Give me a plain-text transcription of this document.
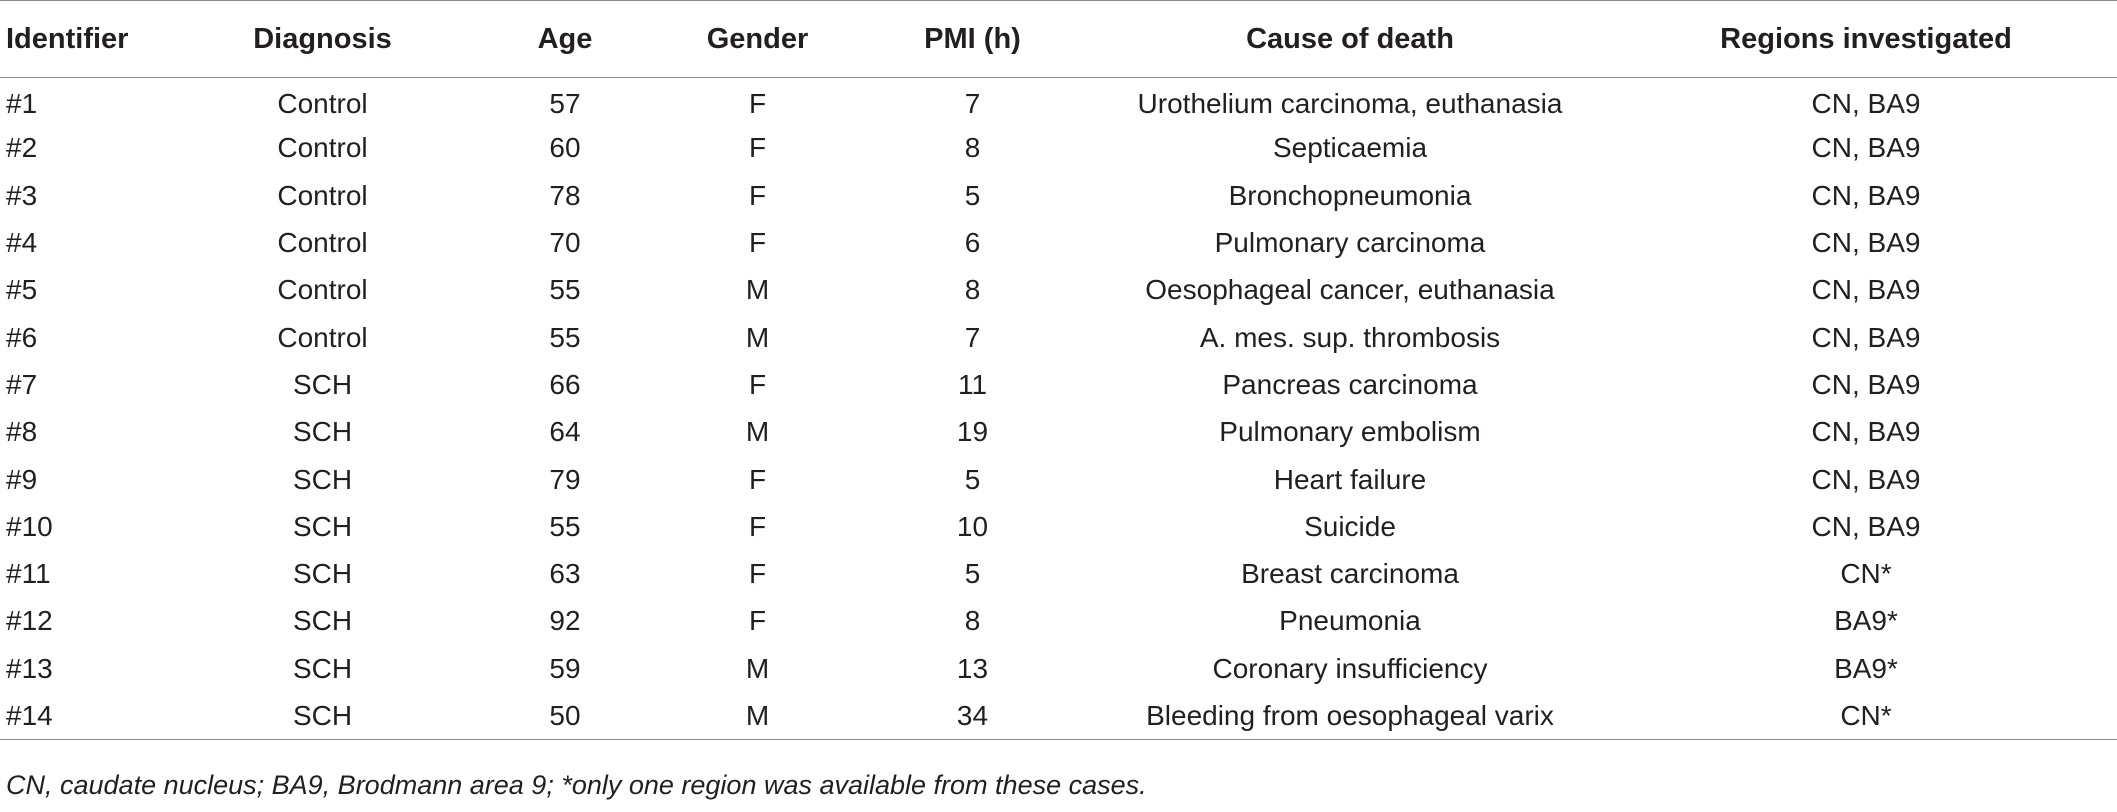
Identifier	Diagnosis	Age	Gender	PMI (h)	Cause of death	Regions investigated
#1	Control	57	F	7	Urothelium carcinoma, euthanasia	CN, BA9
#2	Control	60	F	8	Septicaemia	CN, BA9
#3	Control	78	F	5	Bronchopneumonia	CN, BA9
#4	Control	70	F	6	Pulmonary carcinoma	CN, BA9
#5	Control	55	M	8	Oesophageal cancer, euthanasia	CN, BA9
#6	Control	55	M	7	A. mes. sup. thrombosis	CN, BA9
#7	SCH	66	F	11	Pancreas carcinoma	CN, BA9
#8	SCH	64	M	19	Pulmonary embolism	CN, BA9
#9	SCH	79	F	5	Heart failure	CN, BA9
#10	SCH	55	F	10	Suicide	CN, BA9
#11	SCH	63	F	5	Breast carcinoma	CN*
#12	SCH	92	F	8	Pneumonia	BA9*
#13	SCH	59	M	13	Coronary insufficiency	BA9*
#14	SCH	50	M	34	Bleeding from oesophageal varix	CN*
CN, caudate nucleus; BA9, Brodmann area 9; *only one region was available from these cases.
